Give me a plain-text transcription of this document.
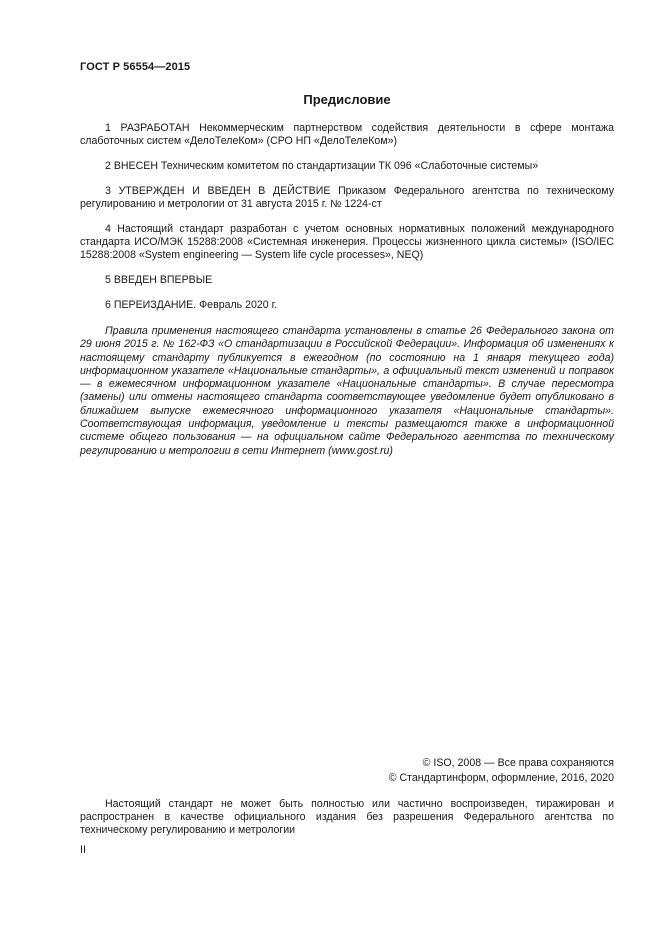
ГОСТ Р 56554—2015
Предисловие

1 РАЗРАБОТАН Некоммерческим партнерством содействия деятельности в сфере монтажа слаботочных систем «ДелоТелеКом» (СРО НП «ДелоТелеКом»)

2 ВНЕСЕН Техническим комитетом по стандартизации ТК 096 «Слаботочные системы»

3 УТВЕРЖДЕН И ВВЕДЕН В ДЕЙСТВИЕ Приказом Федерального агентства по техническому регулированию и метрологии от 31 августа 2015 г. № 1224-ст

4 Настоящий стандарт разработан с учетом основных нормативных положений международного стандарта ИСО/МЭК 15288:2008 «Системная инженерия. Процессы жизненного цикла системы» (ISO/IEC 15288:2008 «System engineering — System life cycle processes», NEQ)

5 ВВЕДЕН ВПЕРВЫЕ

6 ПЕРЕИЗДАНИЕ. Февраль 2020 г.

Правила применения настоящего стандарта установлены в статье 26 Федерального закона от 29 июня 2015 г. № 162-ФЗ «О стандартизации в Российской Федерации». Информация об изменениях к настоящему стандарту публикуется в ежегодном (по состоянию на 1 января текущего года) информационном указателе «Национальные стандарты», а официальный текст изменений и поправок — в ежемесячном информационном указателе «Национальные стандарты». В случае пересмотра (замены) или отмены настоящего стандарта соответствующее уведомление будет опубликовано в ближайшем выпуске ежемесячного информационного указателя «Национальные стандарты». Соответствующая информация, уведомление и тексты размещаются также в информационной системе общего пользования — на официальном сайте Федерального агентства по техническому регулированию и метрологии в сети Интернет (www.gost.ru)

© ISO, 2008 — Все права сохраняются
© Стандартинформ, оформление, 2016, 2020

Настоящий стандарт не может быть полностью или частично воспроизведен, тиражирован и распространен в качестве официального издания без разрешения Федерального агентства по техническому регулированию и метрологии

II
